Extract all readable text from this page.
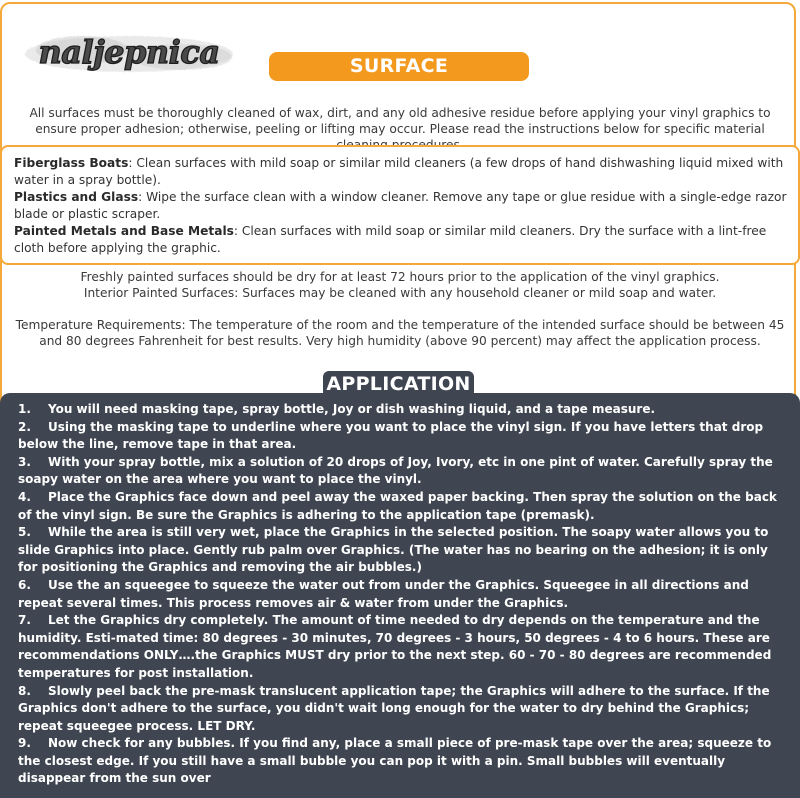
naljepnica	SURFACE PREPARATIONS
All surfaces must be thoroughly cleaned of wax, dirt, and any old adhesive residue before applying your vinyl graphics to ensure proper adhesion; otherwise, peeling or lifting may occur. Please read the instructions below for specific material

Fiberglass Boats: Clean surfaces with mild soap or similar mild cleaners (a few drops of hand dishwashing liquid mixed with water in a spray bottle).

Plastics and Glass: Wipe the surface clean with a window cleaner. Remove any tape or glue residue with a single-edge razor blade or plastic scraper.

Painted Metals and Base Metals: Clean surfaces with mild soap or similar mild cleaners. Dry the surface with a lint-free cloth before applying the graphic.

Freshly painted surfaces should be dry for at least 72 hours prior to the application of the vinyl graphics.

Interior Painted Surfaces: Surfaces may be cleaned with any household cleaner or mild soap and water.

Temperature Requirements: The temperature of the room and the temperature of the intended surface should be between 45 and 80 degrees Fahrenheit for best results. Very high humidity (above 90 percent) may affect the application process.

APPLICATION
1. You will need masking tape, spray bottle, Joy or dish washing liquid, and a tape measure.
2. Using the masking tape to underline where you want to place the vinyl sign. If you have letters that drop below the line, remove tape in that area.
3. With your spray bottle, mix a solution of 20 drops of Joy, Ivory, etc in one pint of water. Carefully spray the soapy water on the area where you want to place the vinyl.
4. Place the Graphics face down and peel away the waxed paper backing. Then spray the solution on the back of the vinyl sign. Be sure the Graphics is adhering to the application tape (premask).
5. While the area is still very wet, place the Graphics in the selected position. The soapy water allows you to slide Graphics into place. Gently rub palm over Graphics. (The water has no bearing on the adhesion; it is only for positioning the Graphics and removing the air bubbles.)
6. Use the an squeegee to squeeze the water out from under the Graphics. Squeegee in all directions and repeat several times. This process removes air & water from under the Graphics.
7. Let the Graphics dry completely. The amount of time needed to dry depends on the temperature and the humidity. Esti-mated time: 80 degrees - 30 minutes, 70 degrees - 3 hours, 50 degrees - 4 to 6 hours. These are recommendations ONLY….the Graphics MUST dry prior to the next step. 60 - 70 - 80 degrees are recommended temperatures for post installation.
8. Slowly peel back the pre-mask translucent application tape; the Graphics will adhere to the surface. If the Graphics don't adhere to the surface, you didn't wait long enough for the water to dry behind the Graphics; repeat squeegee process. LET DRY.
9. Now check for any bubbles. If you find any, place a small piece of pre-mask tape over the area; squeeze to the closest edge. If you still have a small bubble you can pop it with a pin. Small bubbles will eventually disappear from the sun over
